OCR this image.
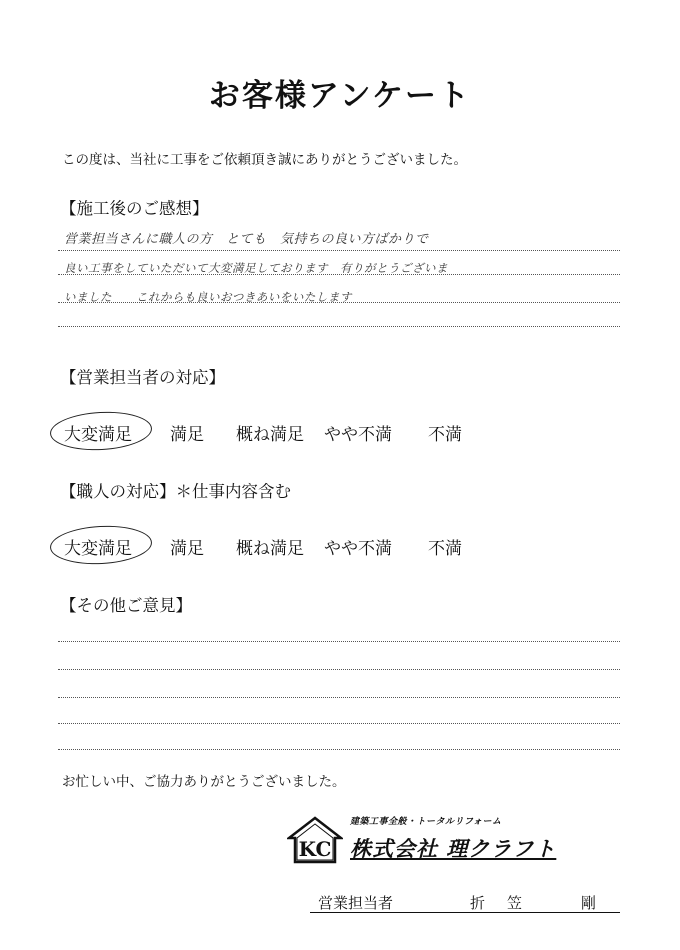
お客様アンケート
この度は、当社に工事をご依頼頂き誠にありがとうございました。
【施工後のご感想】
営業担当さんに職人の方　とても　気持ちの良い方ばかりで
良い工事をしていただいて大変満足しております　有りがとうございま
いました　　これからも良いおつきあいをいたします
【営業担当者の対応】
大変満足 満足 概ね満足 やや不満 不満
【職人の対応】＊仕事内容含む
大変満足 満足 概ね満足 やや不満 不満
【その他ご意見】
お忙しい中、ご協力ありがとうございました。
KC
建築工事全般・トータルリフォーム
株式会社 理クラフト
営業担当者	折笠　剛
